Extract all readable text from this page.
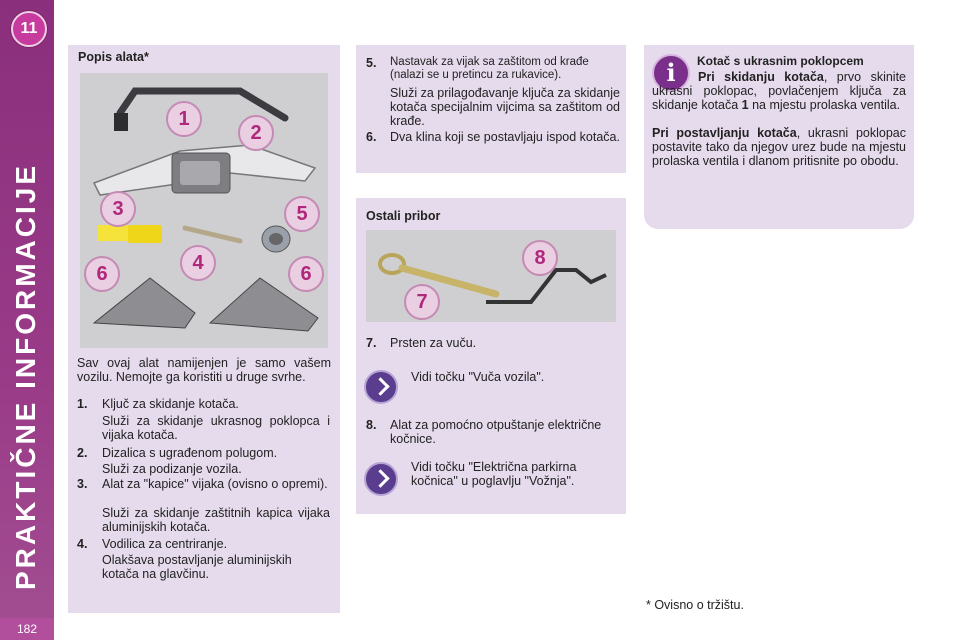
11
PRAKTIČNE INFORMACIJE
182
Popis alata*
1
2
3
4
5
6	6
Sav ovaj alat namijenjen je samo vašem vozilu. Nemojte ga koristiti u druge svrhe.
1. Ključ za skidanje kotača.
Služi za skidanje ukrasnog poklopca i vijaka kotača.
2. Dizalica s ugrađenom polugom.
Služi za podizanje vozila.
3. Alat za "kapice" vijaka (ovisno o opremi).
Služi za skidanje zaštitnih kapica vijaka aluminijskih kotača.
4. Vodilica za centriranje.
Olakšava postavljanje aluminijskih kotača na glavčinu.
5. Nastavak za vijak sa zaštitom od krađe (nalazi se u pretincu za rukavice).
Služi za prilagođavanje ključa za skidanje kotača specijalnim vijcima sa zaštitom od krađe.
6. Dva klina koji se postavljaju ispod kotača.
Ostali pribor
8
7
7. Prsten za vuču.
Vidi točku "Vuča vozila".
8. Alat za pomoćno otpuštanje električne kočnice.
Vidi točku "Električna parkirna kočnica" u poglavlju "Vožnja".
i	Kotač s ukrasnim poklopcem
Pri skidanju kotača, prvo skinite ukrasni poklopac, povlačenjem ključa za skidanje kotača 1 na mjestu prolaska ventila.
Pri postavljanju kotača, ukrasni poklopac postavite tako da njegov urez bude na mjestu prolaska ventila i dlanom pritisnite po obodu.
* Ovisno o tržištu.
